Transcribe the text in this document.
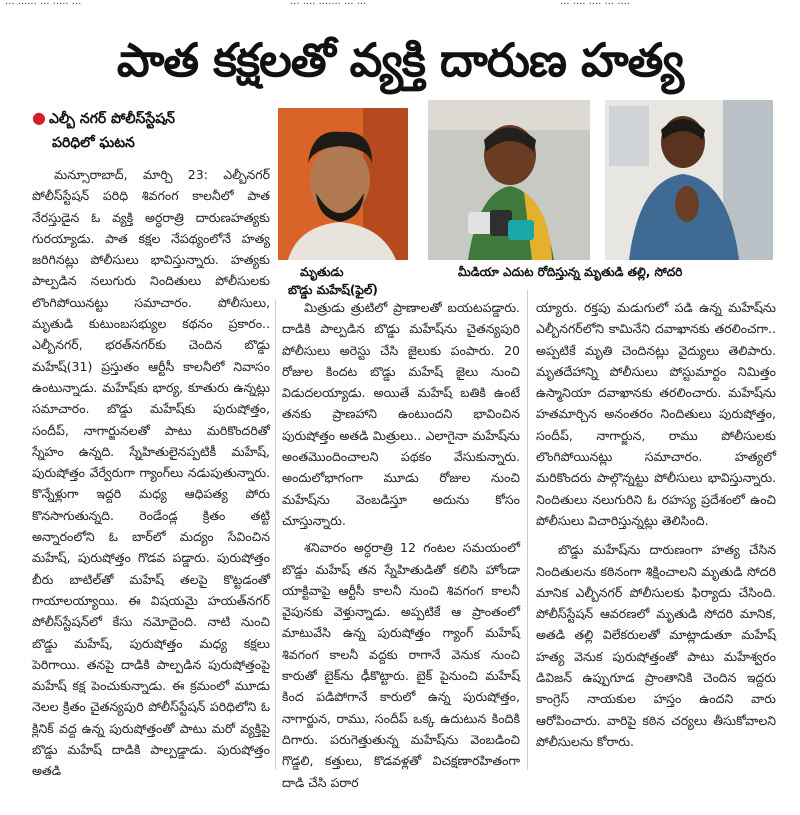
... ...... ... ..... ...	... .... ....... ... ...	... .... .... ... ....
పాత కక్షలతో వ్యక్తి దారుణ హత్య
● ఎల్బీ నగర్ పోలీస్‌స్టేషన్
పరిధిలో ఘటన
మృతుడు
బొడ్డు మహేష్(ఫైల్)
మీడియా ఎదుట రోదిస్తున్న మృతుడి తల్లి, సోదరి

మన్సూరాబాద్, మార్చి 23: ఎల్బీనగర్ పోలీస్‌స్టేషన్ పరిధి శివగంగ కాలనీలో పాత నేరస్తుడైన ఓ వ్యక్తి అర్ధరాత్రి దారుణహత్యకు గురయ్యాడు. పాత కక్షల నేపథ్యంలోనే హత్య జరిగినట్లు పోలీసులు భావిస్తున్నారు. హత్యకు పాల్పడిన నలుగురు నిందితులు పోలీసులకు లొంగిపోయినట్టు సమాచారం. పోలీసులు, మృతుడి కుటుంబసభ్యుల కథనం ప్రకారం.. ఎల్బీనగర్, భరత్‌నగర్‌కు చెందిన బొడ్డు మహేష్(31) ప్రస్తుతం ఆర్టీసీ కాలనీలో నివాసం ఉంటున్నాడు. మహేష్‌కు భార్య, కూతురు ఉన్నట్లు సమాచారం. బొడ్డు మహేష్‌కు పురుషోత్తం, సందీప్, నాగార్జునలతో పాటు మరికొందరితో స్నేహం ఉన్నది. స్నేహితులైనప్పటికీ మహేష్, పురుషోత్తం వేర్వేరుగా గ్యాంగ్‌లు నడుపుతున్నారు. కొన్నేళ్లుగా ఇద్దరి మధ్య ఆధిపత్య పోరు కొనసాగుతున్నది. రెండేండ్ల క్రితం తట్టి అన్నారంలోని ఓ బార్‌లో మద్యం సేవించిన మహేష్, పురుషోత్తం గొడవ పడ్డారు. పురుషోత్తం బీరు బాటిల్‌తో మహేష్ తలపై కొట్టడంతో గాయాలయ్యాయి. ఈ విషయమై హయత్‌నగర్ పోలీస్‌స్టేషన్‌లో కేసు నమోదైంది. నాటి నుంచి బొడ్డు మహేష్, పురుషోత్తం మధ్య కక్షలు పెరిగాయి. తనపై దాడికి పాల్పడిన పురుషోత్తంపై మహేష్ కక్ష పెంచుకున్నాడు. ఈ క్రమంలో మూడు నెలల క్రితం చైతన్యపురి పోలీస్‌స్టేషన్ పరిధిలోని ఓ క్లినిక్ వద్ద ఉన్న పురుషోత్తంతో పాటు మరో వ్యక్తిపై బొడ్డు మహేష్ దాడికి పాల్పడ్డాడు. పురుషోత్తం అతడి

మిత్రుడు త్రుటిలో ప్రాణాలతో బయటపడ్డారు. దాడికి పాల్పడిన బొడ్డు మహేష్‌ను చైతన్యపురి పోలీసులు అరెస్టు చేసి జైలుకు పంపారు. 20 రోజుల కిందట బొడ్డు మహేష్ జైలు నుంచి విడుదలయ్యాడు. అయితే మహేష్ బతికి ఉంటే తనకు ప్రాణహాని ఉంటుందని భావించిన పురుషోత్తం అతడి మిత్రులు.. ఎలాగైనా మహేష్‌ను అంతమొందించాలని పథకం వేసుకున్నారు. అందులోభాగంగా మూడు రోజుల నుంచి మహేష్‌ను వెంబడిస్తూ అదును కోసం చూస్తున్నారు.

శనివారం అర్ధరాత్రి 12 గంటల సమయంలో బొడ్డు మహేష్ తన స్నేహితుడితో కలిసి హోండా యాక్టివాపై ఆర్టీసీ కాలనీ నుంచి శివగంగ కాలనీ వైపునకు వెళ్తున్నాడు. అప్పటికే ఆ ప్రాంతంలో మాటువేసి ఉన్న పురుషోత్తం గ్యాంగ్ మహేష్ శివగంగ కాలనీ వద్దకు రాగానే వెనుక నుంచి కారుతో బైక్‌ను ఢీకొట్టారు. బైక్ పైనుంచి మహేష్ కింద పడిపోగానే కారులో ఉన్న పురుషోత్తం, నాగార్జున, రాము, సందీప్ ఒక్క ఉదుటున కిందికి దిగారు. పరుగెత్తుతున్న మహేష్‌ను వెంబడించి గొడ్డలి, కత్తులు, కొడవళ్లతో విచక్షణారహితంగా దాడి చేసి పరార

య్యారు. రక్తపు మడుగులో పడి ఉన్న మహేష్‌ను ఎల్బీనగర్‌లోని కామినేని దవాఖానకు తరలించగా.. అప్పటికే మృతి చెందినట్లు వైద్యులు తెలిపారు. మృతదేహాన్ని పోలీసులు పోస్టుమార్టం నిమిత్తం ఉస్మానియా దవాఖానకు తరలించారు. మహేష్‌ను హతమార్చిన అనంతరం నిందితులు పురుషోత్తం, సందీప్, నాగార్జున, రాము పోలీసులకు లొంగిపోయినట్లు సమాచారం. హత్యలో మరికొందరు పాల్గొన్నట్టు పోలీసులు భావిస్తున్నారు. నిందితులు నలుగురిని ఓ రహస్య ప్రదేశంలో ఉంచి పోలీసులు విచారిస్తున్నట్లు తెలిసింది.

బొడ్డు మహేష్‌ను దారుణంగా హత్య చేసిన నిందితులను కఠినంగా శిక్షించాలని మృతుడి సోదరి మానిక ఎల్బీనగర్ పోలీసులకు ఫిర్యాదు చేసింది. పోలీస్‌స్టేషన్ ఆవరణలో మృతుడి సోదరి మానిక, అతడి తల్లి విలేకరులతో మాట్లాడుతూ మహేష్ హత్య వెనుక పురుషోత్తంతో పాటు మహేశ్వరం డివిజన్ ఉప్పుగూడ ప్రాంతానికి చెందిన ఇద్దరు కాంగ్రెస్ నాయకుల హస్తం ఉందని వారు ఆరోపించారు. వారిపై కఠిన చర్యలు తీసుకోవాలని పోలీసులను కోరారు.
